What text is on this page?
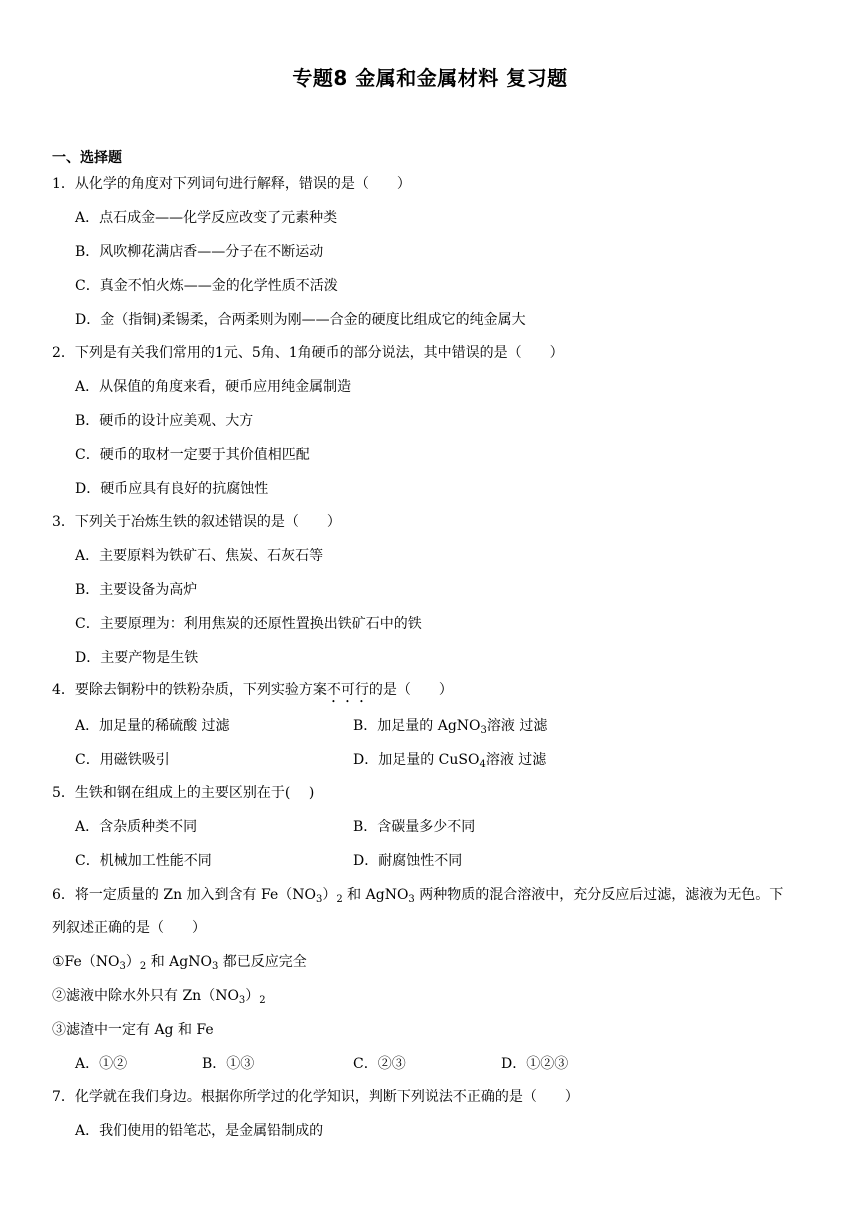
专题8 金属和金属材料 复习题
一、选择题
1．从化学的角度对下列词句进行解释，错误的是（　　）
A．点石成金——化学反应改变了元素种类
B．风吹柳花满店香——分子在不断运动
C．真金不怕火炼——金的化学性质不活泼
D．金（指铜)柔锡柔，合两柔则为刚——合金的硬度比组成它的纯金属大
2．下列是有关我们常用的1元、5角、1角硬币的部分说法，其中错误的是（　　）
A．从保值的角度来看，硬币应用纯金属制造
B．硬币的设计应美观、大方
C．硬币的取材一定要于其价值相匹配
D．硬币应具有良好的抗腐蚀性
3．下列关于冶炼生铁的叙述错误的是（　　）
A．主要原料为铁矿石、焦炭、石灰石等
B．主要设备为高炉
C．主要原理为：利用焦炭的还原性置换出铁矿石中的铁
D．主要产物是生铁
4．要除去铜粉中的铁粉杂质，下列实验方案不可行的是（　　）
A．加足量的稀硫酸 过滤	B．加足量的 AgNO$_3$溶液 过滤
C．用磁铁吸引	D．加足量的 CuSO$_4$溶液 过滤
5．生铁和钢在组成上的主要区别在于(　 )
A．含杂质种类不同	B．含碳量多少不同
C．机械加工性能不同	D．耐腐蚀性不同
6．将一定质量的 Zn 加入到含有 $Fe(NO_3)_2$ 和 AgNO$_3$ 两种物质的混合溶液中，充分反应后过滤，滤液为无色。下
列叙述正确的是（　　）
$①Fe(NO_3)_2$ 和 AgNO$_3$ 都已反应完全
②滤液中除水外只有 $Zn(NO_3)_2$
③滤渣中一定有 Ag 和 Fe
A．①②	B．①③	C．②③	D．①②③
7．化学就在我们身边。根据你所学过的化学知识，判断下列说法不正确的是（　　）
A．我们使用的铅笔芯，是金属铅制成的
